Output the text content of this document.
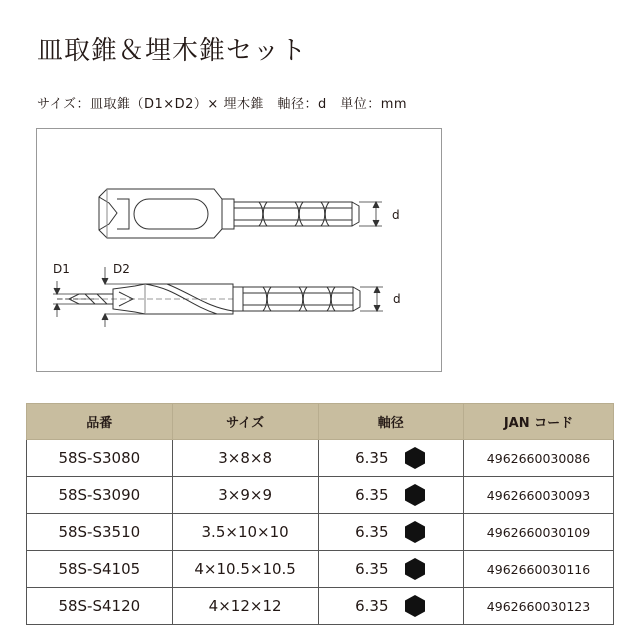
皿取錐＆埋木錐セット
サイズ：皿取錐（D1×D2）× 埋木錐　軸径：d　単位：mm
d
d
D1	D2
品番	サイズ	軸径	JAN コード
58S-S3080	3×8×8	6.35	4962660030086
58S-S3090	3×9×9	6.35	4962660030093
58S-S3510	3.5×10×10	6.35	4962660030109
58S-S4105	4×10.5×10.5	6.35	4962660030116
58S-S4120	4×12×12	6.35	4962660030123
